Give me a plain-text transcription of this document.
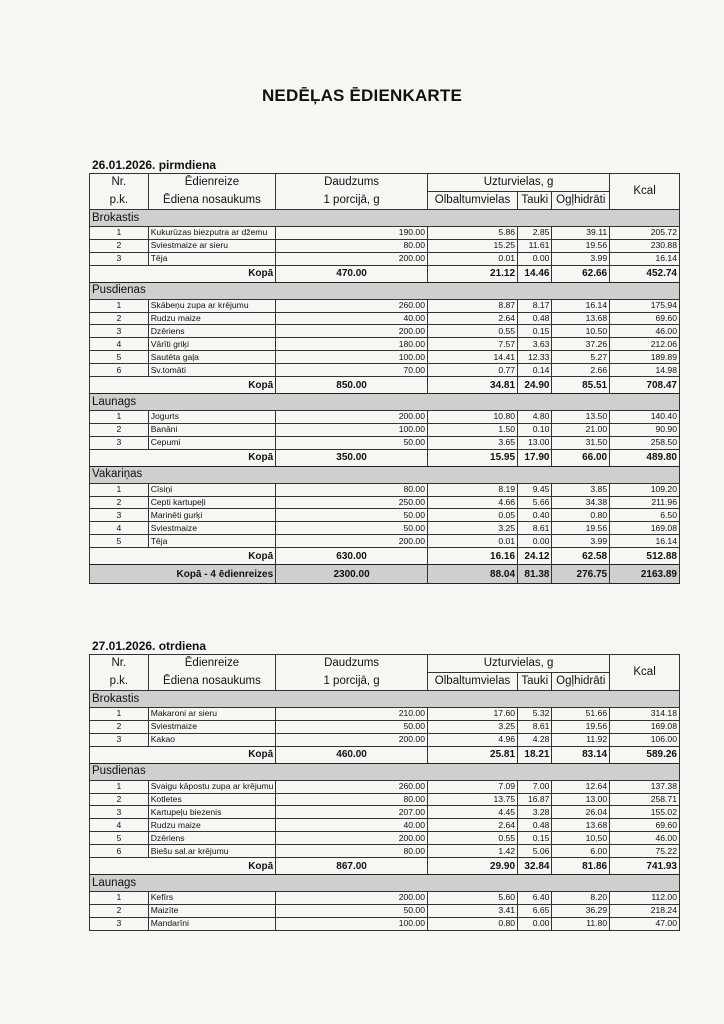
NEDĒĻAS ĒDIENKARTE
26.01.2026. pirmdiena
Nr.	Ēdienreize	Daudzums	Uzturvielas, g			Kcal
p.k.	Ēdiena nosaukums	1 porcijā, g	Olbaltumvielas	Tauki	Ogļhidrāti	
Brokastis						
1	Kukurūzas biezputra ar džemu	190.00	5.86	2.85	39.11	205.72
2	Sviestmaize ar sieru	80.00	15.25	11.61	19.56	230.88
3	Tēja	200.00	0.01	0.00	3.99	16.14
Kopā		470.00	21.12	14.46	62.66	452.74
Pusdienas						
1	Skābeņu zupa ar krējumu	260.00	8.87	8.17	16.14	175.94
2	Rudzu maize	40.00	2.64	0.48	13.68	69.60
3	Dzēriens	200.00	0.55	0.15	10.50	46.00
4	Vārīti griķi	180.00	7.57	3.63	37.26	212.06
5	Sautēta gaļa	100.00	14.41	12.33	5.27	189.89
6	Sv.tomāti	70.00	0.77	0.14	2.66	14.98
Kopā		850.00	34.81	24.90	85.51	708.47
Launags						
1	Jogurts	200.00	10.80	4.80	13.50	140.40
2	Banāni	100.00	1.50	0.10	21.00	90.90
3	Cepumi	50.00	3.65	13.00	31.50	258.50
Kopā		350.00	15.95	17.90	66.00	489.80
Vakariņas						
1	Cīsiņi	80.00	8.19	9.45	3.85	109.20
2	Cepti kartupeļi	250.00	4.66	5.66	34.38	211.96
3	Marinēti gurķi	50.00	0.05	0.40	0.80	6.50
4	Sviestmaize	50.00	3.25	8.61	19.56	169.08
5	Tēja	200.00	0.01	0.00	3.99	16.14
Kopā		630.00	16.16	24.12	62.58	512.88
Kopā - 4 ēdienreizes		2300.00	88.04	81.38	276.75	2163.89
27.01.2026. otrdiena
Nr.	Ēdienreize	Daudzums	Uzturvielas, g			Kcal
p.k.	Ēdiena nosaukums	1 porcijā, g	Olbaltumvielas	Tauki	Ogļhidrāti	
Brokastis						
1	Makaroni ar sieru	210.00	17.60	5.32	51.66	314.18
2	Sviestmaize	50.00	3.25	8.61	19.56	169.08
3	Kakao	200.00	4.96	4.28	11.92	106.00
Kopā		460.00	25.81	18.21	83.14	589.26
Pusdienas						
1	Svaigu kāpostu zupa ar krējumu	260.00	7.09	7.00	12.64	137.38
2	Kotletes	80.00	13.75	16.87	13.00	258.71
3	Kartupeļu biezenis	207.00	4.45	3.28	26.04	155.02
4	Rudzu maize	40.00	2.64	0.48	13.68	69.60
5	Dzēriens	200.00	0.55	0.15	10.50	46.00
6	Biešu sal.ar krējumu	80.00	1.42	5.06	6.00	75.22
Kopā		867.00	29.90	32.84	81.86	741.93
Launags						
1	Kefīrs	200.00	5.60	6.40	8.20	112.00
2	Maizīte	50.00	3.41	6.65	36.29	218.24
3	Mandarīni	100.00	0.80	0.00	11.80	47.00
